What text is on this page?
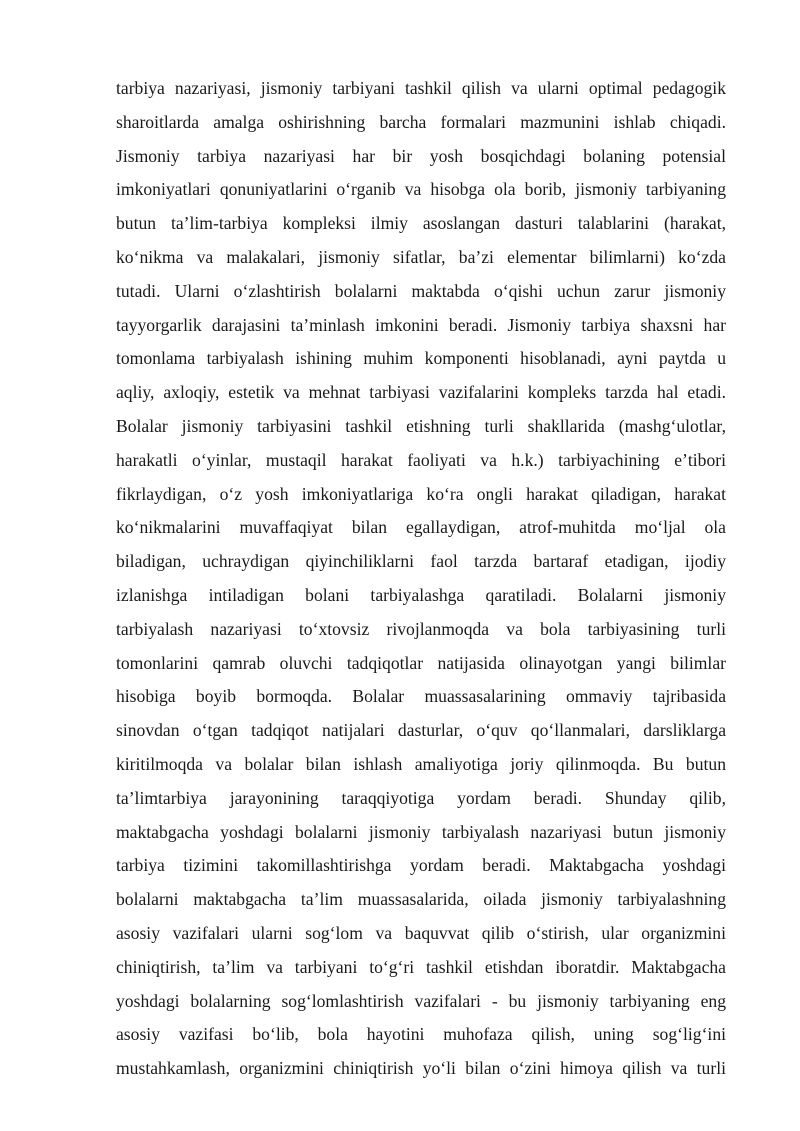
tarbiya nazariyasi, jismoniy tarbiyani tashkil qilish va ularni optimal pedagogik
sharoitlarda amalga oshirishning barcha formalari mazmunini ishlab chiqadi.
Jismoniy tarbiya nazariyasi har bir yosh bosqichdagi bolaning potensial
imkoniyatlari qonuniyatlarini oʻrganib va hisobga ola borib, jismoniy tarbiyaning
butun taʼlim-tarbiya kompleksi ilmiy asoslangan dasturi talablarini (harakat,
koʻnikma va malakalari, jismoniy sifatlar, baʼzi elementar bilimlarni) koʻzda
tutadi. Ularni oʻzlashtirish bolalarni maktabda oʻqishi uchun zarur jismoniy
tayyorgarlik darajasini taʼminlash imkonini beradi. Jismoniy tarbiya shaxsni har
tomonlama tarbiyalash ishining muhim komponenti hisoblanadi, ayni paytda u
aqliy, axloqiy, estetik va mehnat tarbiyasi vazifalarini kompleks tarzda hal etadi.
Bolalar jismoniy tarbiyasini tashkil etishning turli shakllarida (mashgʻulotlar,
harakatli oʻyinlar, mustaqil harakat faoliyati va h.k.) tarbiyachining eʼtibori
fikrlaydigan, oʻz yosh imkoniyatlariga koʻra ongli harakat qiladigan, harakat
koʻnikmalarini muvaffaqiyat bilan egallaydigan, atrof-muhitda moʻljal ola
biladigan, uchraydigan qiyinchiliklarni faol tarzda bartaraf etadigan, ijodiy
izlanishga intiladigan bolani tarbiyalashga qaratiladi. Bolalarni jismoniy
tarbiyalash nazariyasi toʻxtovsiz rivojlanmoqda va bola tarbiyasining turli
tomonlarini qamrab oluvchi tadqiqotlar natijasida olinayotgan yangi bilimlar
hisobiga boyib bormoqda. Bolalar muassasalarining ommaviy tajribasida
sinovdan oʻtgan tadqiqot natijalari dasturlar, oʻquv qoʻllanmalari, darsliklarga
kiritilmoqda va bolalar bilan ishlash amaliyotiga joriy qilinmoqda. Bu butun
taʼlimtarbiya jarayonining taraqqiyotiga yordam beradi. Shunday qilib,
maktabgacha yoshdagi bolalarni jismoniy tarbiyalash nazariyasi butun jismoniy
tarbiya tizimini takomillashtirishga yordam beradi. Maktabgacha yoshdagi
bolalarni maktabgacha taʼlim muassasalarida, oilada jismoniy tarbiyalashning
asosiy vazifalari ularni sogʻlom va baquvvat qilib oʻstirish, ular organizmini
chiniqtirish, taʼlim va tarbiyani toʻgʻri tashkil etishdan iboratdir. Maktabgacha
yoshdagi bolalarning sogʻlomlashtirish vazifalari - bu jismoniy tarbiyaning eng
asosiy vazifasi boʻlib, bola hayotini muhofaza qilish, uning sogʻligʻini
mustahkamlash, organizmini chiniqtirish yoʻli bilan oʻzini himoya qilish va turli
